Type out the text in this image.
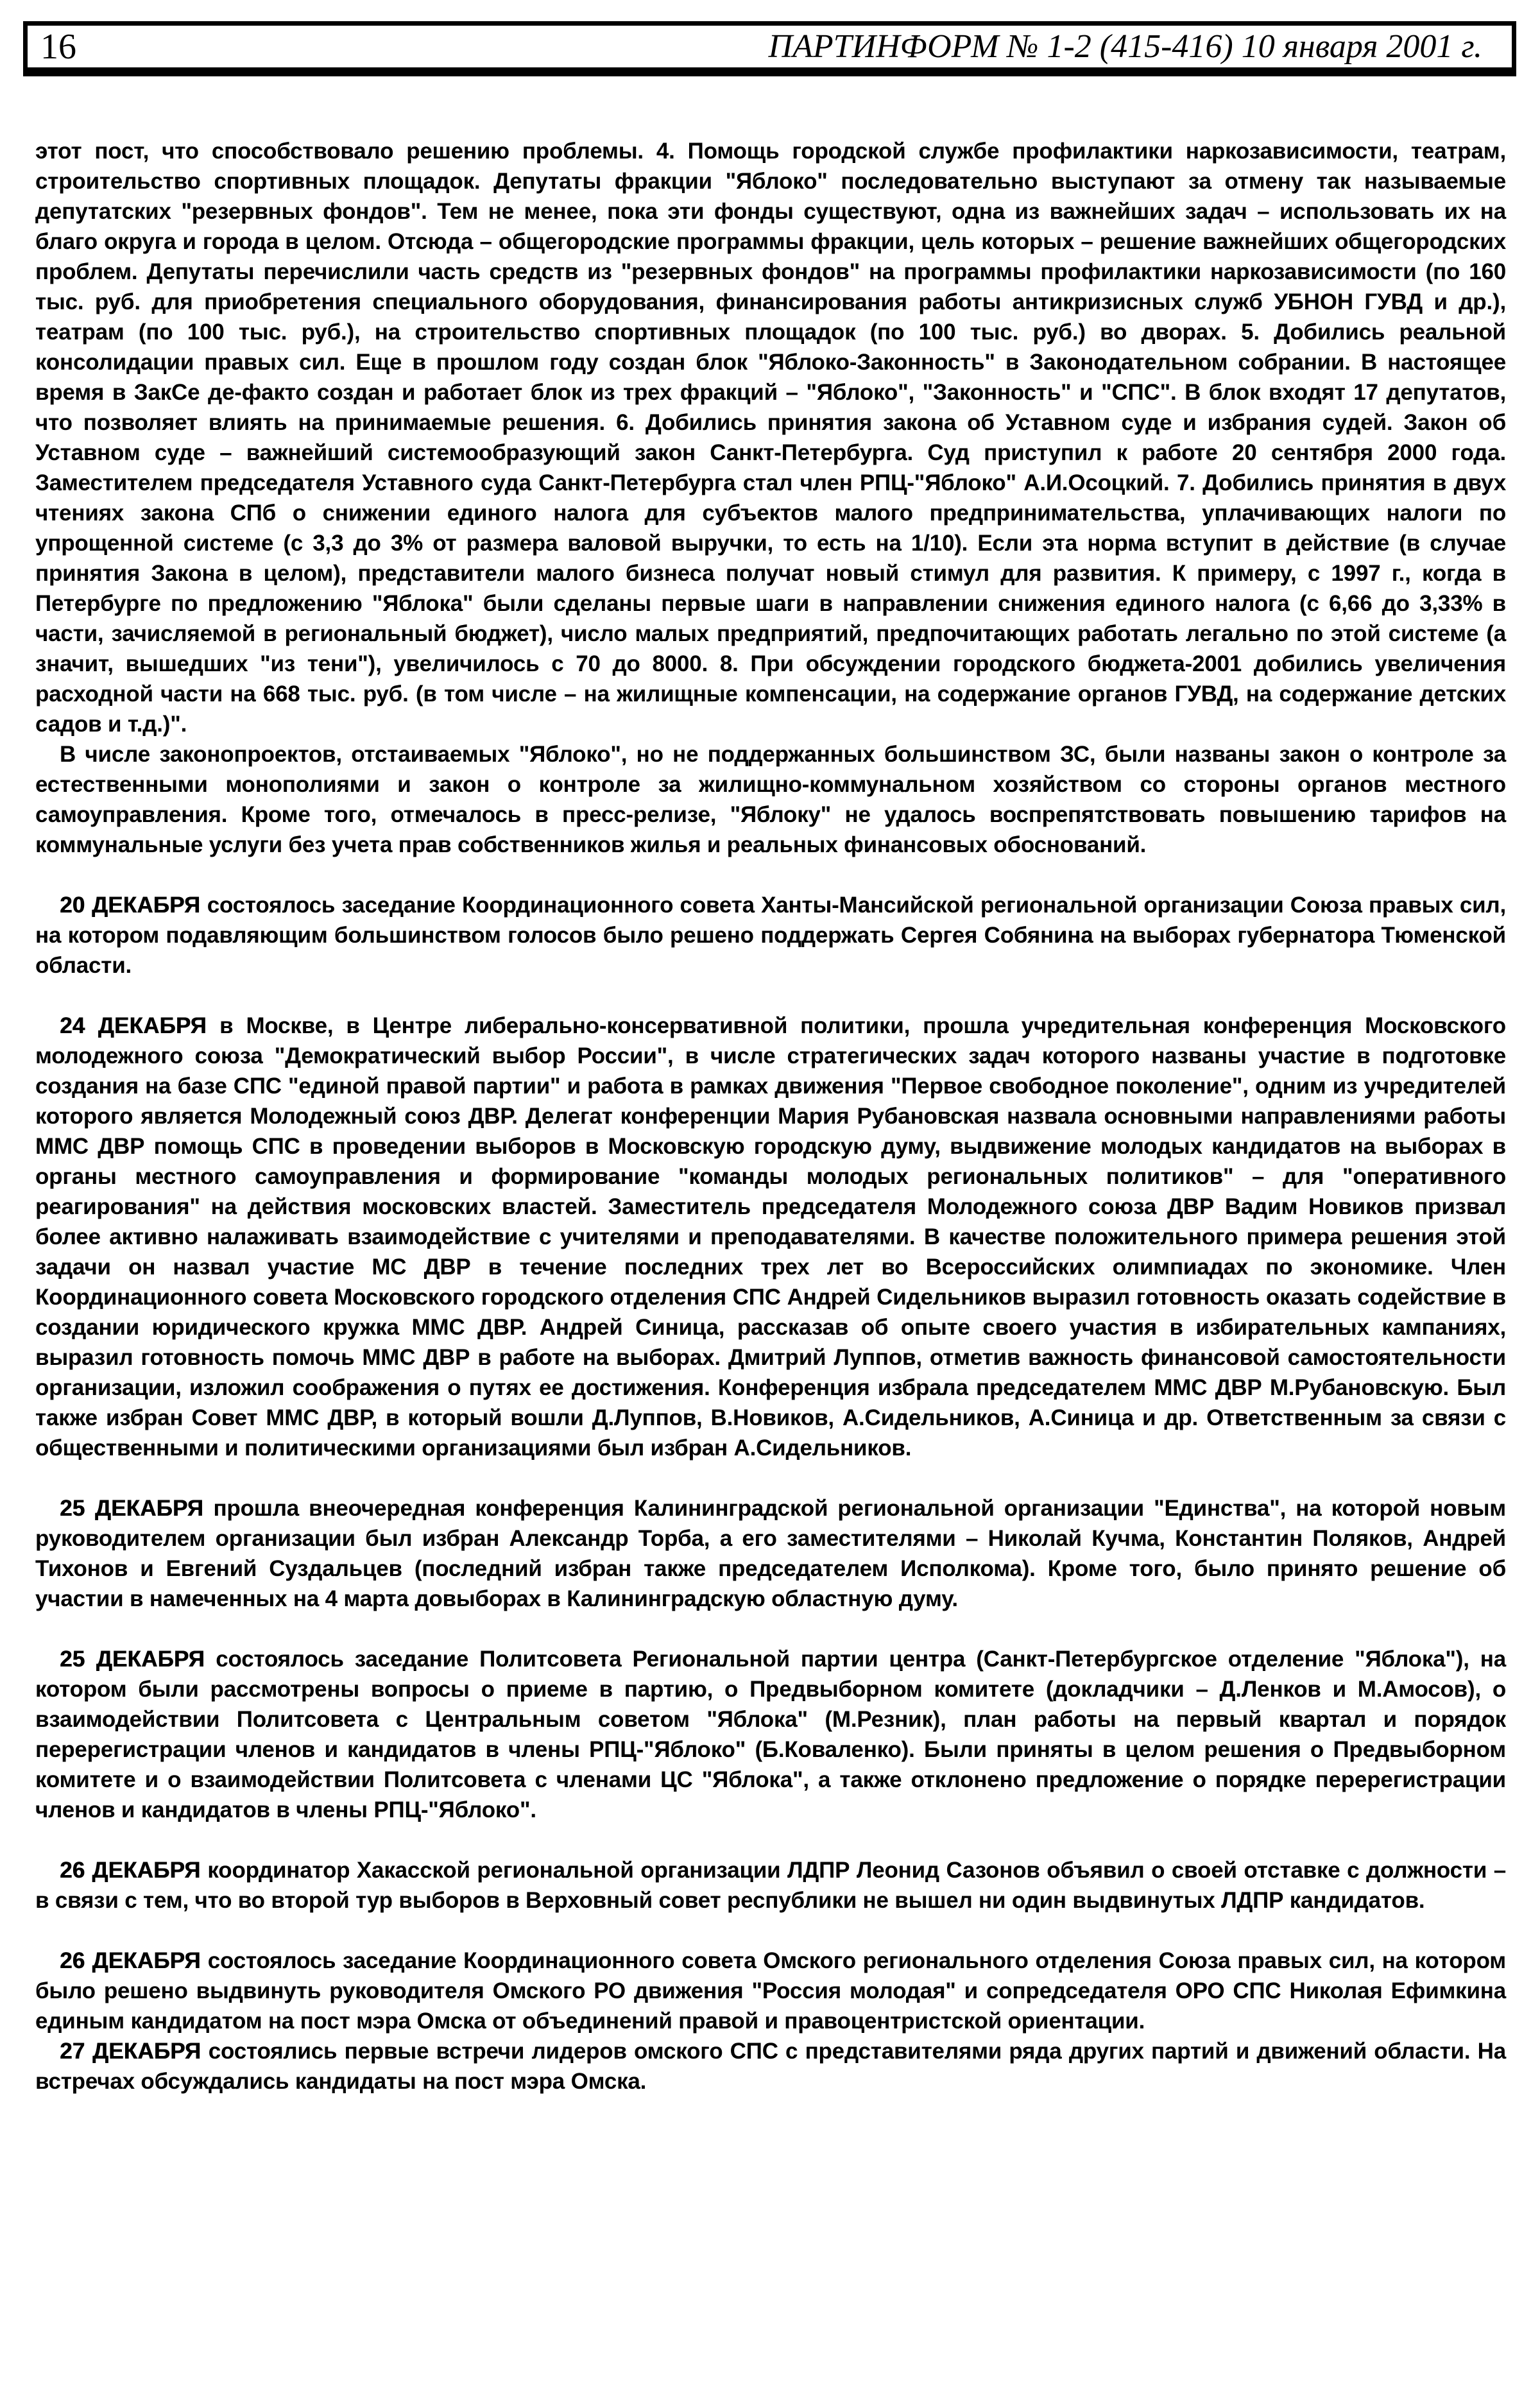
16	ПАРТИНФОРМ № 1-2 (415-416) 10 января 2001 г.

этот пост, что способствовало решению проблемы. 4. Помощь городской службе профилактики наркозависимости, театрам, строительство спортивных площадок. Депутаты фракции "Яблоко" последовательно выступают за отмену так называемые депутатских "резервных фондов". Тем не менее, пока эти фонды существуют, одна из важнейших задач – использовать их на благо округа и города в целом. Отсюда – общегородские программы фракции, цель которых – решение важнейших общегородских проблем. Депутаты перечислили часть средств из "резервных фондов" на программы профилактики наркозависимости (по 160 тыс. руб. для приобретения специального оборудования, финансирования работы антикризисных служб УБНОН ГУВД и др.), театрам (по 100 тыс. руб.), на строительство спортивных площадок (по 100 тыс. руб.) во дворах. 5. Добились реальной консолидации правых сил. Еще в прошлом году создан блок "Яблоко-Законность" в Законодательном собрании. В настоящее время в ЗакСе де-факто создан и работает блок из трех фракций – "Яблоко", "Законность" и "СПС". В блок входят 17 депутатов, что позволяет влиять на принимаемые решения. 6. Добились принятия закона об Уставном суде и избрания судей. Закон об Уставном суде – важнейший системообразующий закон Санкт-Петербурга. Суд приступил к работе 20 сентября 2000 года. Заместителем председателя Уставного суда Санкт-Петербурга стал член РПЦ-"Яблоко" А.И.Осоцкий. 7. Добились принятия в двух чтениях закона СПб о снижении единого налога для субъектов малого предпринимательства, уплачивающих налоги по упрощенной системе (с 3,3 до 3% от размера валовой выручки, то есть на 1/10). Если эта норма вступит в действие (в случае принятия Закона в целом), представители малого бизнеса получат новый стимул для развития. К примеру, с 1997 г., когда в Петербурге по предложению "Яблока" были сделаны первые шаги в направлении снижения единого налога (с 6,66 до 3,33% в части, зачисляемой в региональный бюджет), число малых предприятий, предпочитающих работать легально по этой системе (а значит, вышедших "из тени"), увеличилось с 70 до 8000. 8. При обсуждении городского бюджета-2001 добились увеличения расходной части на 668 тыс. руб. (в том числе – на жилищные компенсации, на содержание органов ГУВД, на содержание детских садов и т.д.)".

В числе законопроектов, отстаиваемых "Яблоко", но не поддержанных большинством ЗС, были названы закон о контроле за естественными монополиями и закон о контроле за жилищно-коммунальном хозяйством со стороны органов местного самоуправления. Кроме того, отмечалось в пресс-релизе, "Яблоку" не удалось воспрепятствовать повышению тарифов на коммунальные услуги без учета прав собственников жилья и реальных финансовых обоснований.

20 ДЕКАБРЯ состоялось заседание Координационного совета Ханты-Мансийской региональной организации Союза правых сил, на котором подавляющим большинством голосов было решено поддержать Сергея Собянина на выборах губернатора Тюменской области.

24 ДЕКАБРЯ в Москве, в Центре либерально-консервативной политики, прошла учредительная конференция Московского молодежного союза "Демократический выбор России", в числе стратегических задач которого названы участие в подготовке создания на базе СПС "единой правой партии" и работа в рамках движения "Первое свободное поколение", одним из учредителей которого является Молодежный союз ДВР. Делегат конференции Мария Рубановская назвала основными направлениями работы ММС ДВР помощь СПС в проведении выборов в Московскую городскую думу, выдвижение молодых кандидатов на выборах в органы местного самоуправления и формирование "команды молодых региональных политиков" – для "оперативного реагирования" на действия московских властей. Заместитель председателя Молодежного союза ДВР Вадим Новиков призвал более активно налаживать взаимодействие с учителями и преподавателями. В качестве положительного примера решения этой задачи он назвал участие МС ДВР в течение последних трех лет во Всероссийских олимпиадах по экономике. Член Координационного совета Московского городского отделения СПС Андрей Сидельников выразил готовность оказать содействие в создании юридического кружка ММС ДВР. Андрей Синица, рассказав об опыте своего участия в избирательных кампаниях, выразил готовность помочь ММС ДВР в работе на выборах. Дмитрий Луппов, отметив важность финансовой самостоятельности организации, изложил соображения о путях ее достижения. Конференция избрала председателем ММС ДВР М.Рубановскую. Был также избран Совет ММС ДВР, в который вошли Д.Луппов, В.Новиков, А.Сидельников, А.Синица и др. Ответственным за связи с общественными и политическими организациями был избран А.Сидельников.

25 ДЕКАБРЯ прошла внеочередная конференция Калининградской региональной организации "Единства", на которой новым руководителем организации был избран Александр Торба, а его заместителями – Николай Кучма, Константин Поляков, Андрей Тихонов и Евгений Суздальцев (последний избран также председателем Исполкома). Кроме того, было принято решение об участии в намеченных на 4 марта довыборах в Калининградскую областную думу.

25 ДЕКАБРЯ состоялось заседание Политсовета Региональной партии центра (Санкт-Петербургское отделение "Яблока"), на котором были рассмотрены вопросы о приеме в партию, о Предвыборном комитете (докладчики – Д.Ленков и М.Амосов), о взаимодействии Политсовета с Центральным советом "Яблока" (М.Резник), план работы на первый квартал и порядок перерегистрации членов и кандидатов в члены РПЦ-"Яблоко" (Б.Коваленко). Были приняты в целом решения о Предвыборном комитете и о взаимодействии Политсовета с членами ЦС "Яблока", а также отклонено предложение о порядке перерегистрации членов и кандидатов в члены РПЦ-"Яблоко".

26 ДЕКАБРЯ координатор Хакасской региональной организации ЛДПР Леонид Сазонов объявил о своей отставке с должности – в связи с тем, что во второй тур выборов в Верховный совет республики не вышел ни один выдвинутых ЛДПР кандидатов.

26 ДЕКАБРЯ состоялось заседание Координационного совета Омского регионального отделения Союза правых сил, на котором было решено выдвинуть руководителя Омского РО движения "Россия молодая" и сопредседателя ОРО СПС Николая Ефимкина единым кандидатом на пост мэра Омска от объединений правой и правоцентристской ориентации.

27 ДЕКАБРЯ состоялись первые встречи лидеров омского СПС с представителями ряда других партий и движений области. На встречах обсуждались кандидаты на пост мэра Омска.
